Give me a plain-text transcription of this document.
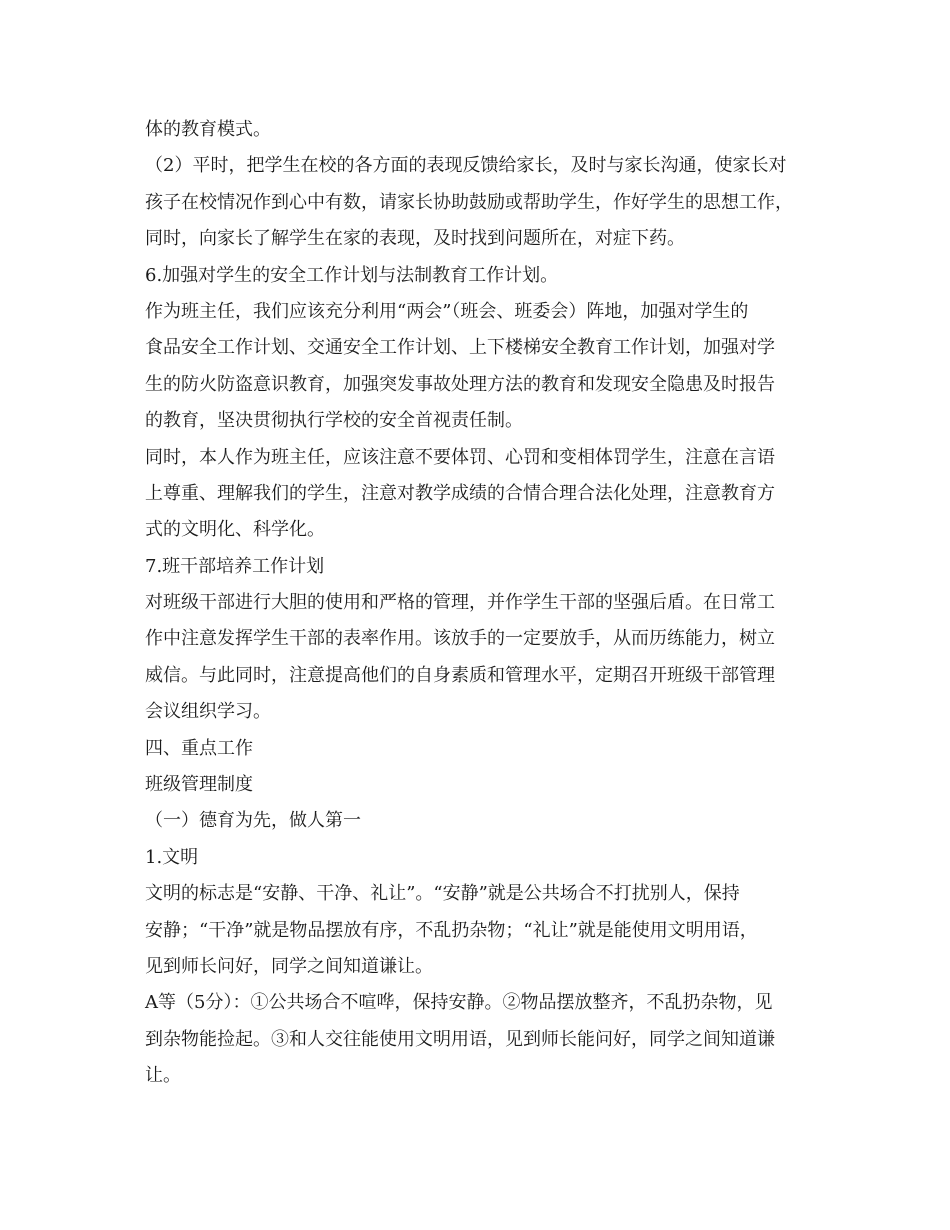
体的教育模式。
（2）平时，把学生在校的各方面的表现反馈给家长，及时与家长沟通，使家长对
孩子在校情况作到心中有数，请家长协助鼓励或帮助学生，作好学生的思想工作，
同时，向家长了解学生在家的表现，及时找到问题所在，对症下药。
6.加强对学生的安全工作计划与法制教育工作计划。
作为班主任，我们应该充分利用“两会”（班会、班委会）阵地，加强对学生的
食品安全工作计划、交通安全工作计划、上下楼梯安全教育工作计划，加强对学
生的防火防盗意识教育，加强突发事故处理方法的教育和发现安全隐患及时报告
的教育，坚决贯彻执行学校的安全首视责任制。
同时，本人作为班主任，应该注意不要体罚、心罚和变相体罚学生，注意在言语
上尊重、理解我们的学生，注意对教学成绩的合情合理合法化处理，注意教育方
式的文明化、科学化。
7.班干部培养工作计划
对班级干部进行大胆的使用和严格的管理，并作学生干部的坚强后盾。在日常工
作中注意发挥学生干部的表率作用。该放手的一定要放手，从而历练能力，树立
威信。与此同时，注意提高他们的自身素质和管理水平，定期召开班级干部管理
会议组织学习。
四、重点工作
班级管理制度
（一）德育为先，做人第一
1.文明
文明的标志是“安静、干净、礼让”。“安静”就是公共场合不打扰别人，保持
安静；“干净”就是物品摆放有序，不乱扔杂物；“礼让”就是能使用文明用语，
见到师长问好，同学之间知道谦让。
A等（5分）：①公共场合不喧哗，保持安静。②物品摆放整齐，不乱扔杂物，见
到杂物能捡起。③和人交往能使用文明用语，见到师长能问好，同学之间知道谦
让。
